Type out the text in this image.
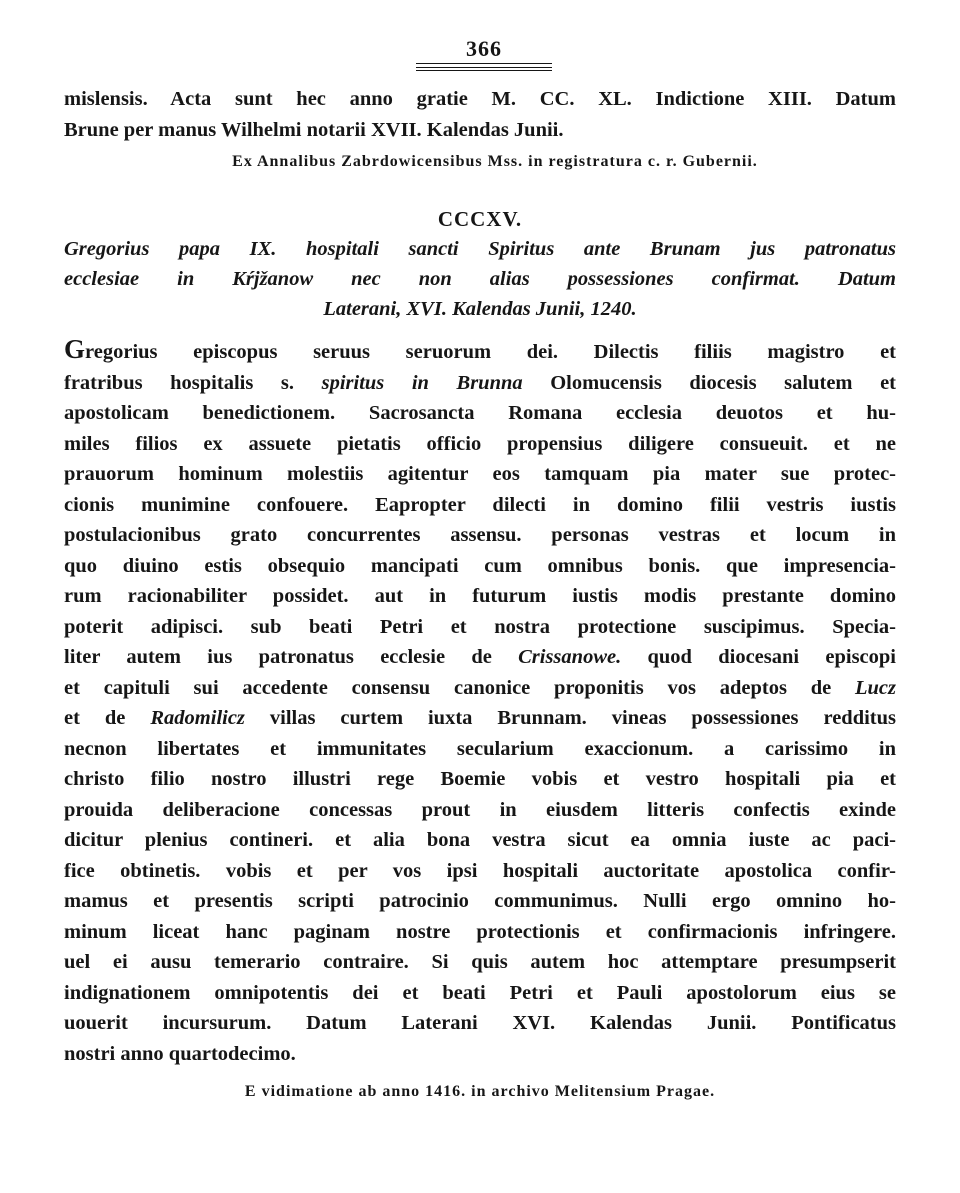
366
mislensis. Acta sunt hec anno gratie M. CC. XL. Indictione XIII. Datum
Brune per manus Wilhelmi notarii XVII. Kalendas Junii.
Ex Annalibus Zabrdowicensibus Mss. in registratura c. r. Gubernii.
CCCXV.
Gregorius papa IX. hospitali sancti Spiritus ante Brunam jus patronatus
ecclesiae in Kŕjžanow nec non alias possessiones confirmat. Datum
Laterani, XVI. Kalendas Junii, 1240.
Gregorius episcopus seruus seruorum dei. Dilectis filiis magistro et
fratribus hospitalis s. spiritus in Brunna Olomucensis diocesis salutem et
apostolicam benedictionem. Sacrosancta Romana ecclesia deuotos et hu-
miles filios ex assuete pietatis officio propensius diligere consueuit. et ne
prauorum hominum molestiis agitentur eos tamquam pia mater sue protec-
cionis munimine confouere. Eapropter dilecti in domino filii vestris iustis
postulacionibus grato concurrentes assensu. personas vestras et locum in
quo diuino estis obsequio mancipati cum omnibus bonis. que impresencia-
rum racionabiliter possidet. aut in futurum iustis modis prestante domino
poterit adipisci. sub beati Petri et nostra protectione suscipimus. Specia-
liter autem ius patronatus ecclesie de Crissanowe. quod diocesani episcopi
et capituli sui accedente consensu canonice proponitis vos adeptos de Lucz
et de Radomilicz villas curtem iuxta Brunnam. vineas possessiones redditus
necnon libertates et immunitates secularium exaccionum. a carissimo in
christo filio nostro illustri rege Boemie vobis et vestro hospitali pia et
prouida deliberacione concessas prout in eiusdem litteris confectis exinde
dicitur plenius contineri. et alia bona vestra sicut ea omnia iuste ac paci-
fice obtinetis. vobis et per vos ipsi hospitali auctoritate apostolica confir-
mamus et presentis scripti patrocinio communimus. Nulli ergo omnino ho-
minum liceat hanc paginam nostre protectionis et confirmacionis infringere.
uel ei ausu temerario contraire. Si quis autem hoc attemptare presumpserit
indignationem omnipotentis dei et beati Petri et Pauli apostolorum eius se
uouerit incursurum. Datum Laterani XVI. Kalendas Junii. Pontificatus
nostri anno quartodecimo.
E vidimatione ab anno 1416. in archivo Melitensium Pragae.
